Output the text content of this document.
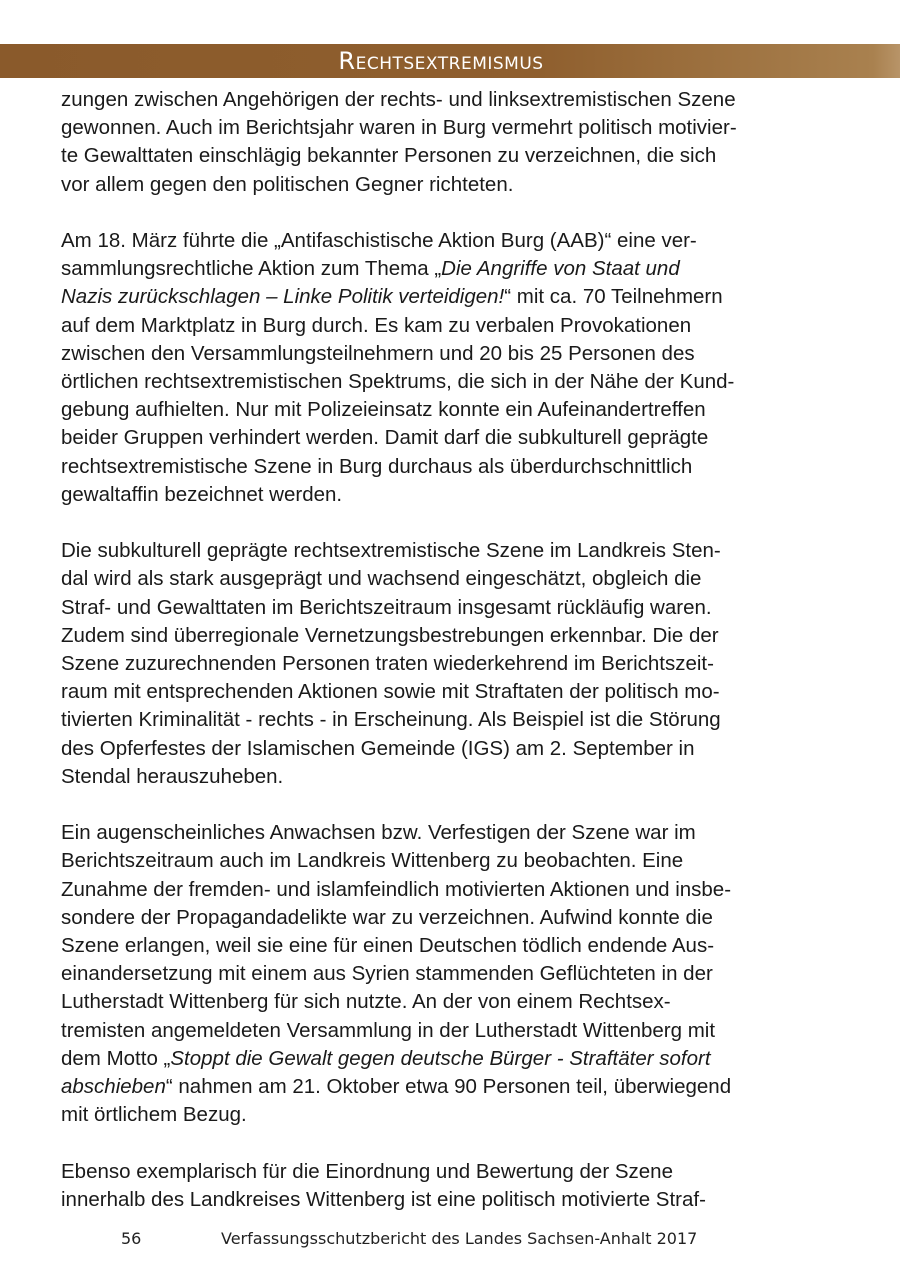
Rechtsextremismus

zungen zwischen Angehörigen der rechts- und linksextremistischen Szene
gewonnen. Auch im Berichtsjahr waren in Burg vermehrt politisch motivier-
te Gewalttaten einschlägig bekannter Personen zu verzeichnen, die sich
vor allem gegen den politischen Gegner richteten.

Am 18. März führte die „Antifaschistische Aktion Burg (AAB)“ eine ver-
sammlungsrechtliche Aktion zum Thema „Die Angriffe von Staat und
Nazis zurückschlagen – Linke Politik verteidigen!“ mit ca. 70 Teilnehmern
auf dem Marktplatz in Burg durch. Es kam zu verbalen Provokationen
zwischen den Versammlungsteilnehmern und 20 bis 25 Personen des
örtlichen rechtsextremistischen Spektrums, die sich in der Nähe der Kund-
gebung aufhielten. Nur mit Polizeieinsatz konnte ein Aufeinandertreffen
beider Gruppen verhindert werden. Damit darf die subkulturell geprägte
rechtsextremistische Szene in Burg durchaus als überdurchschnittlich
gewaltaffin bezeichnet werden.

Die subkulturell geprägte rechtsextremistische Szene im Landkreis Sten-
dal wird als stark ausgeprägt und wachsend eingeschätzt, obgleich die
Straf- und Gewalttaten im Berichtszeitraum insgesamt rückläufig waren.
Zudem sind überregionale Vernetzungsbestrebungen erkennbar. Die der
Szene zuzurechnenden Personen traten wiederkehrend im Berichtszeit-
raum mit entsprechenden Aktionen sowie mit Straftaten der politisch mo-
tivierten Kriminalität - rechts - in Erscheinung. Als Beispiel ist die Störung
des Opferfestes der Islamischen Gemeinde (IGS) am 2. September in
Stendal herauszuheben.

Ein augenscheinliches Anwachsen bzw. Verfestigen der Szene war im
Berichtszeitraum auch im Landkreis Wittenberg zu beobachten. Eine
Zunahme der fremden- und islamfeindlich motivierten Aktionen und insbe-
sondere der Propagandadelikte war zu verzeichnen. Aufwind konnte die
Szene erlangen, weil sie eine für einen Deutschen tödlich endende Aus-
einandersetzung mit einem aus Syrien stammenden Geflüchteten in der
Lutherstadt Wittenberg für sich nutzte. An der von einem Rechtsex-
tremisten angemeldeten Versammlung in der Lutherstadt Wittenberg mit
dem Motto „Stoppt die Gewalt gegen deutsche Bürger - Straftäter sofort
abschieben“ nahmen am 21. Oktober etwa 90 Personen teil, überwiegend
mit örtlichem Bezug.

Ebenso exemplarisch für die Einordnung und Bewertung der Szene
innerhalb des Landkreises Wittenberg ist eine politisch motivierte Straf-

56	Verfassungsschutzbericht des Landes Sachsen-Anhalt 2017
